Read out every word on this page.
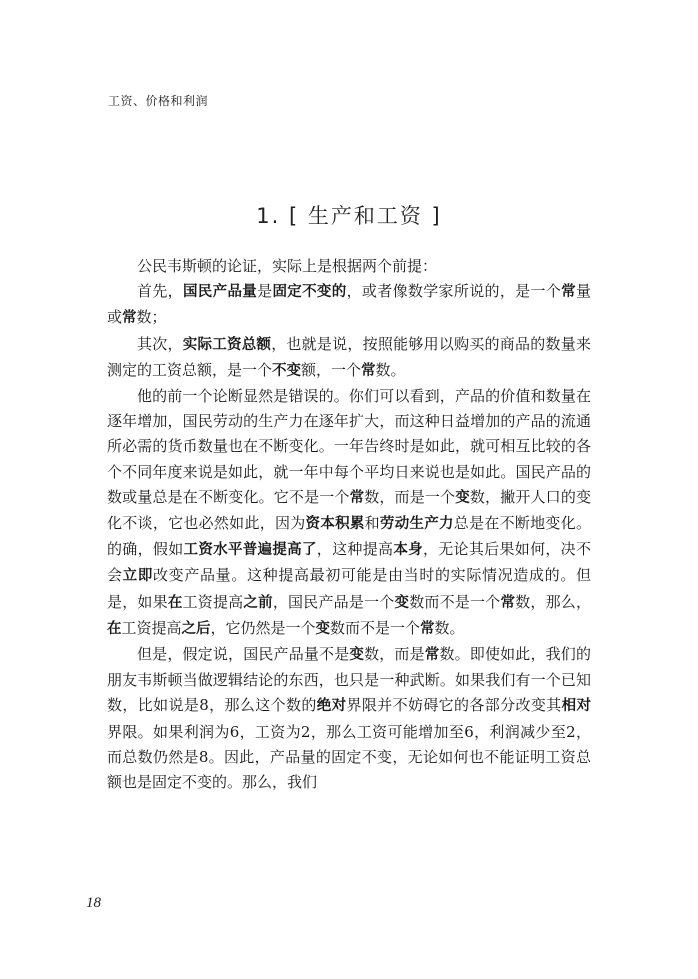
工资、价格和利润
1. [ 生产和工资 ]

公民韦斯顿的论证，实际上是根据两个前提：

首先，国民产品量是固定不变的，或者像数学家所说的，是一个常量或常数；

其次，实际工资总额，也就是说，按照能够用以购买的商品的数量来测定的工资总额，是一个不变额，一个常数。

他的前一个论断显然是错误的。你们可以看到，产品的价值和数量在逐年增加，国民劳动的生产力在逐年扩大，而这种日益增加的产品的流通所必需的货币数量也在不断变化。一年告终时是如此，就可相互比较的各个不同年度来说是如此，就一年中每个平均日来说也是如此。国民产品的数或量总是在不断变化。它不是一个常数，而是一个变数，撇开人口的变化不谈，它也必然如此，因为资本积累和劳动生产力总是在不断地变化。的确，假如工资水平普遍提高了，这种提高本身，无论其后果如何，决不会立即改变产品量。这种提高最初可能是由当时的实际情况造成的。但是，如果在工资提高之前，国民产品是一个变数而不是一个常数，那么，在工资提高之后，它仍然是一个变数而不是一个常数。

但是，假定说，国民产品量不是变数，而是常数。即使如此，我们的朋友韦斯顿当做逻辑结论的东西，也只是一种武断。如果我们有一个已知数，比如说是8，那么这个数的绝对界限并不妨碍它的各部分改变其相对界限。如果利润为6，工资为2，那么工资可能增加至6，利润减少至2，而总数仍然是8。因此，产品量的固定不变，无论如何也不能证明工资总额也是固定不变的。那么，我们

18
